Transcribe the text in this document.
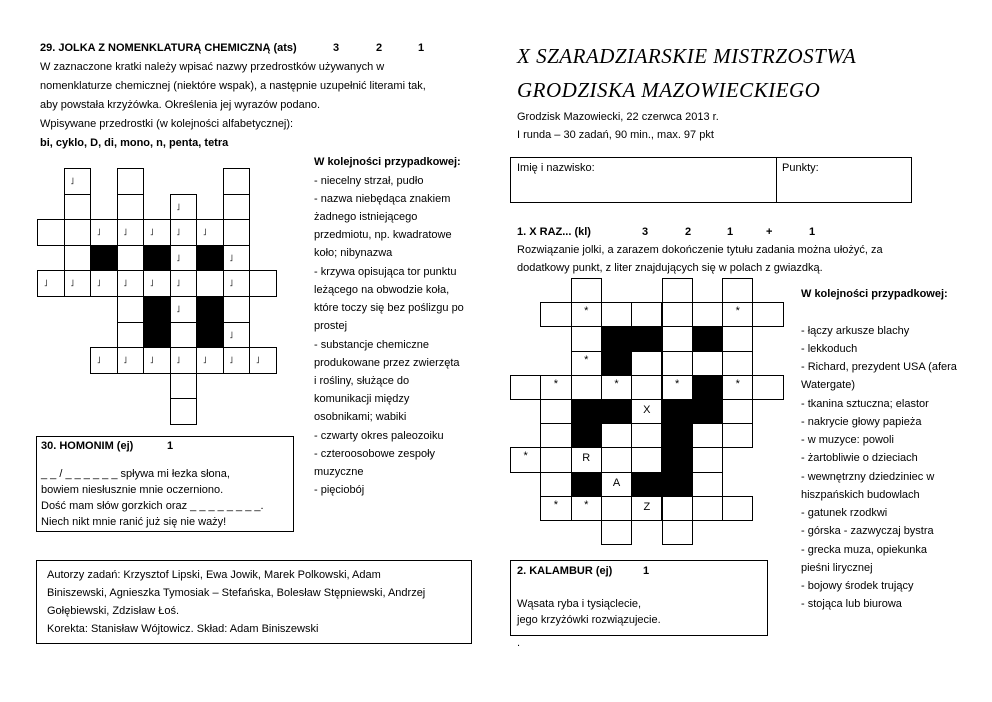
29. JOLKA Z NOMENKLATURĄ CHEMICZNĄ (ats)	3	2	1
W zaznaczone kratki należy wpisać nazwy przedrostków używanych w
nomenklaturze chemicznej (niektóre wspak), a następnie uzupełnić literami tak,
aby powstała krzyżówka. Określenia jej wyrazów podano.
Wpisywane przedrostki (w kolejności alfabetycznej):
bi, cyklo, D, di, mono, n, penta, tetra
W kolejności przypadkowej:
- niecelny strzał, pudło
- nazwa niebędąca znakiem
żadnego istniejącego
przedmiotu, np. kwadratowe
koło; nibynazwa
- krzywa opisująca tor punktu
leżącego na obwodzie koła,
które toczy się bez poślizgu po
prostej
- substancje chemiczne
produkowane przez zwierzęta
i rośliny, służące do
komunikacji między
osobnikami; wabiki
- czwarty okres paleozoiku
- czteroosobowe zespoły
muzyczne
- pięciobój
˩
˩
˩	˩	˩	˩	˩
˩	˩
˩	˩	˩	˩	˩	˩	˩
˩
˩
˩	˩	˩	˩	˩	˩	˩
30. HOMONIM (ej)	1
_ _ / _ _ _ _ _ _ spływa mi łezka słona,
bowiem niesłusznie mnie oczerniono.
Dość mam słów gorzkich oraz _ _ _ _ _ _ _ _.
Niech nikt mnie ranić już się nie waży!
Autorzy zadań: Krzysztof Lipski, Ewa Jowik, Marek Polkowski, Adam
Biniszewski, Agnieszka Tymosiak – Stefańska, Bolesław Stępniewski, Andrzej
Gołębiewski, Zdzisław Łoś.
Korekta: Stanisław Wójtowicz. Skład: Adam Biniszewski
X SZARADZIARSKIE MISTRZOSTWA
GRODZISKA MAZOWIECKIEGO
Grodzisk Mazowiecki, 22 czerwca 2013 r.
I runda – 30 zadań, 90 min., max. 97 pkt
Imię i nazwisko:	Punkty:
1. X RAZ... (kl)	3	2	1	+	1
Rozwiązanie jolki, a zarazem dokończenie tytułu zadania można ułożyć, za
dodatkowy punkt, z liter znajdujących się w polach z gwiazdką.
W kolejności przypadkowej:
- łączy arkusze blachy
- lekkoduch
- Richard, prezydent USA (afera
Watergate)
- tkanina sztuczna; elastor
- nakrycie głowy papieża
- w muzyce: powoli
- żartobliwie o dzieciach
- wewnętrzny dziedziniec w
hiszpańskich budowlach
- gatunek rzodkwi
- górska - zazwyczaj bystra
- grecka muza, opiekunka
pieśni lirycznej
- bojowy środek trujący
- stojąca lub biurowa
*	*
*
*	*	*	*
X
*	R
A
*	*	Z
2. KALAMBUR (ej)	1
Wąsata ryba i tysiąclecie,
jego krzyżówki rozwiązujecie.
.
